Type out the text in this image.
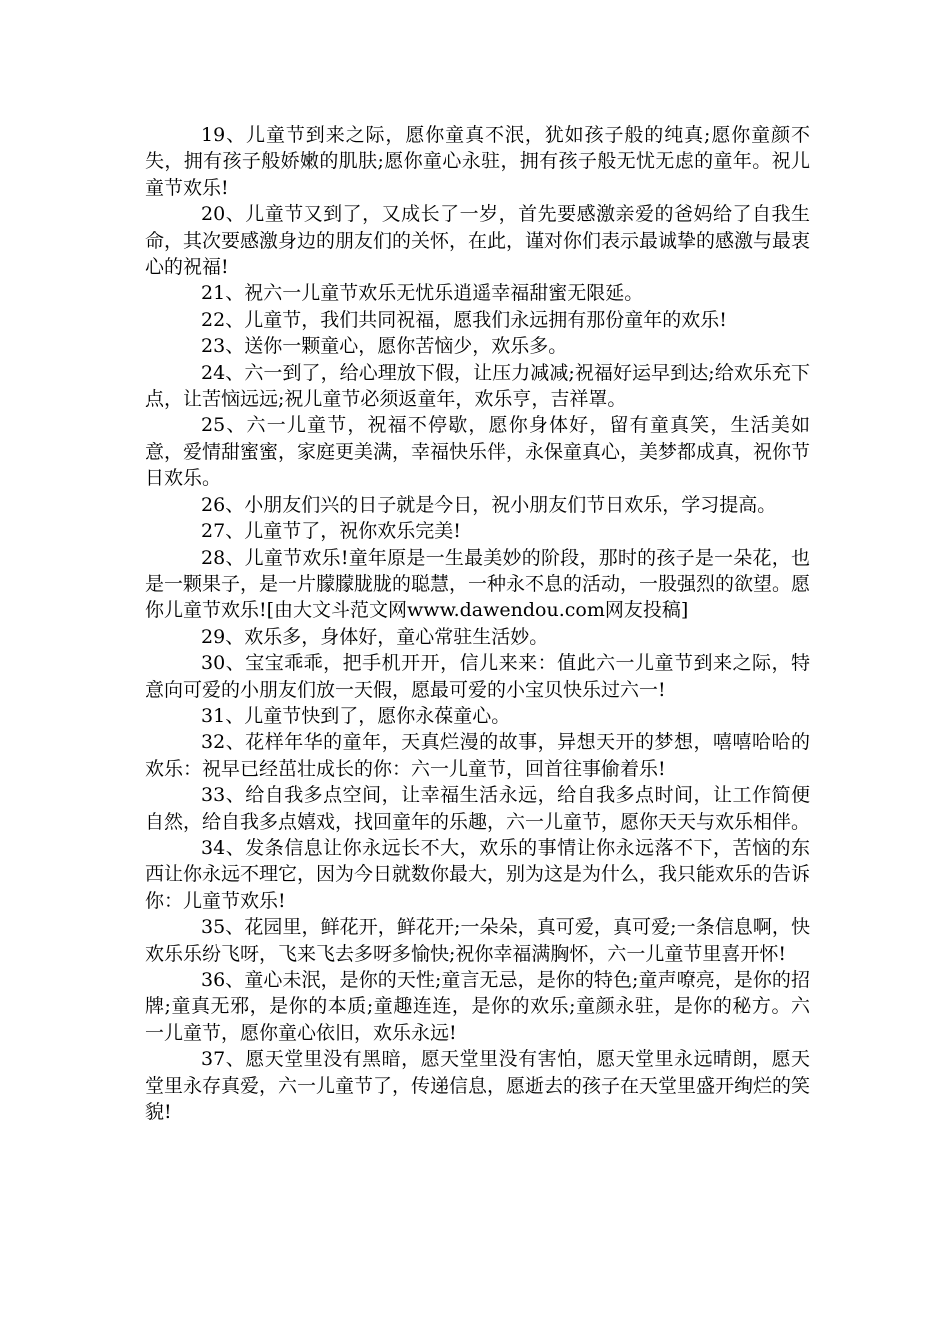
19、儿童节到来之际，愿你童真不泯，犹如孩子般的纯真;愿你童颜不失，拥有孩子般娇嫩的肌肤;愿你童心永驻，拥有孩子般无忧无虑的童年。祝儿童节欢乐!

20、儿童节又到了，又成长了一岁，首先要感激亲爱的爸妈给了自我生命，其次要感激身边的朋友们的关怀，在此，谨对你们表示最诚挚的感激与最衷心的祝福!

21、祝六一儿童节欢乐无忧乐逍遥幸福甜蜜无限延。

22、儿童节，我们共同祝福，愿我们永远拥有那份童年的欢乐!

23、送你一颗童心，愿你苦恼少，欢乐多。

24、六一到了，给心理放下假，让压力减减;祝福好运早到达;给欢乐充下点，让苦恼远远;祝儿童节必须返童年，欢乐亨，吉祥罩。

25、六一儿童节，祝福不停歇，愿你身体好，留有童真笑，生活美如意，爱情甜蜜蜜，家庭更美满，幸福快乐伴，永保童真心，美梦都成真，祝你节日欢乐。

26、小朋友们兴的日子就是今日，祝小朋友们节日欢乐，学习提高。

27、儿童节了，祝你欢乐完美!

28、儿童节欢乐!童年原是一生最美妙的阶段，那时的孩子是一朵花，也是一颗果子，是一片朦朦胧胧的聪慧，一种永不息的活动，一股强烈的欲望。愿你儿童节欢乐![由大文斗范文网www.dawendou.com网友投稿]

29、欢乐多，身体好，童心常驻生活妙。

30、宝宝乖乖，把手机开开，信儿来来：值此六一儿童节到来之际，特意向可爱的小朋友们放一天假，愿最可爱的小宝贝快乐过六一!

31、儿童节快到了，愿你永葆童心。

32、花样年华的童年，天真烂漫的故事，异想天开的梦想，嘻嘻哈哈的欢乐：祝早已经茁壮成长的你：六一儿童节，回首往事偷着乐!

33、给自我多点空间，让幸福生活永远，给自我多点时间，让工作简便自然，给自我多点嬉戏，找回童年的乐趣，六一儿童节，愿你天天与欢乐相伴。

34、发条信息让你永远长不大，欢乐的事情让你永远落不下，苦恼的东西让你永远不理它，因为今日就数你最大，别为这是为什么，我只能欢乐的告诉你：儿童节欢乐!

35、花园里，鲜花开，鲜花开;一朵朵，真可爱，真可爱;一条信息啊，快欢乐乐纷飞呀，飞来飞去多呀多愉快;祝你幸福满胸怀，六一儿童节里喜开怀!

36、童心未泯，是你的天性;童言无忌，是你的特色;童声嘹亮，是你的招牌;童真无邪，是你的本质;童趣连连，是你的欢乐;童颜永驻，是你的秘方。六一儿童节，愿你童心依旧，欢乐永远!

37、愿天堂里没有黑暗，愿天堂里没有害怕，愿天堂里永远晴朗，愿天堂里永存真爱，六一儿童节了，传递信息，愿逝去的孩子在天堂里盛开绚烂的笑貌!
